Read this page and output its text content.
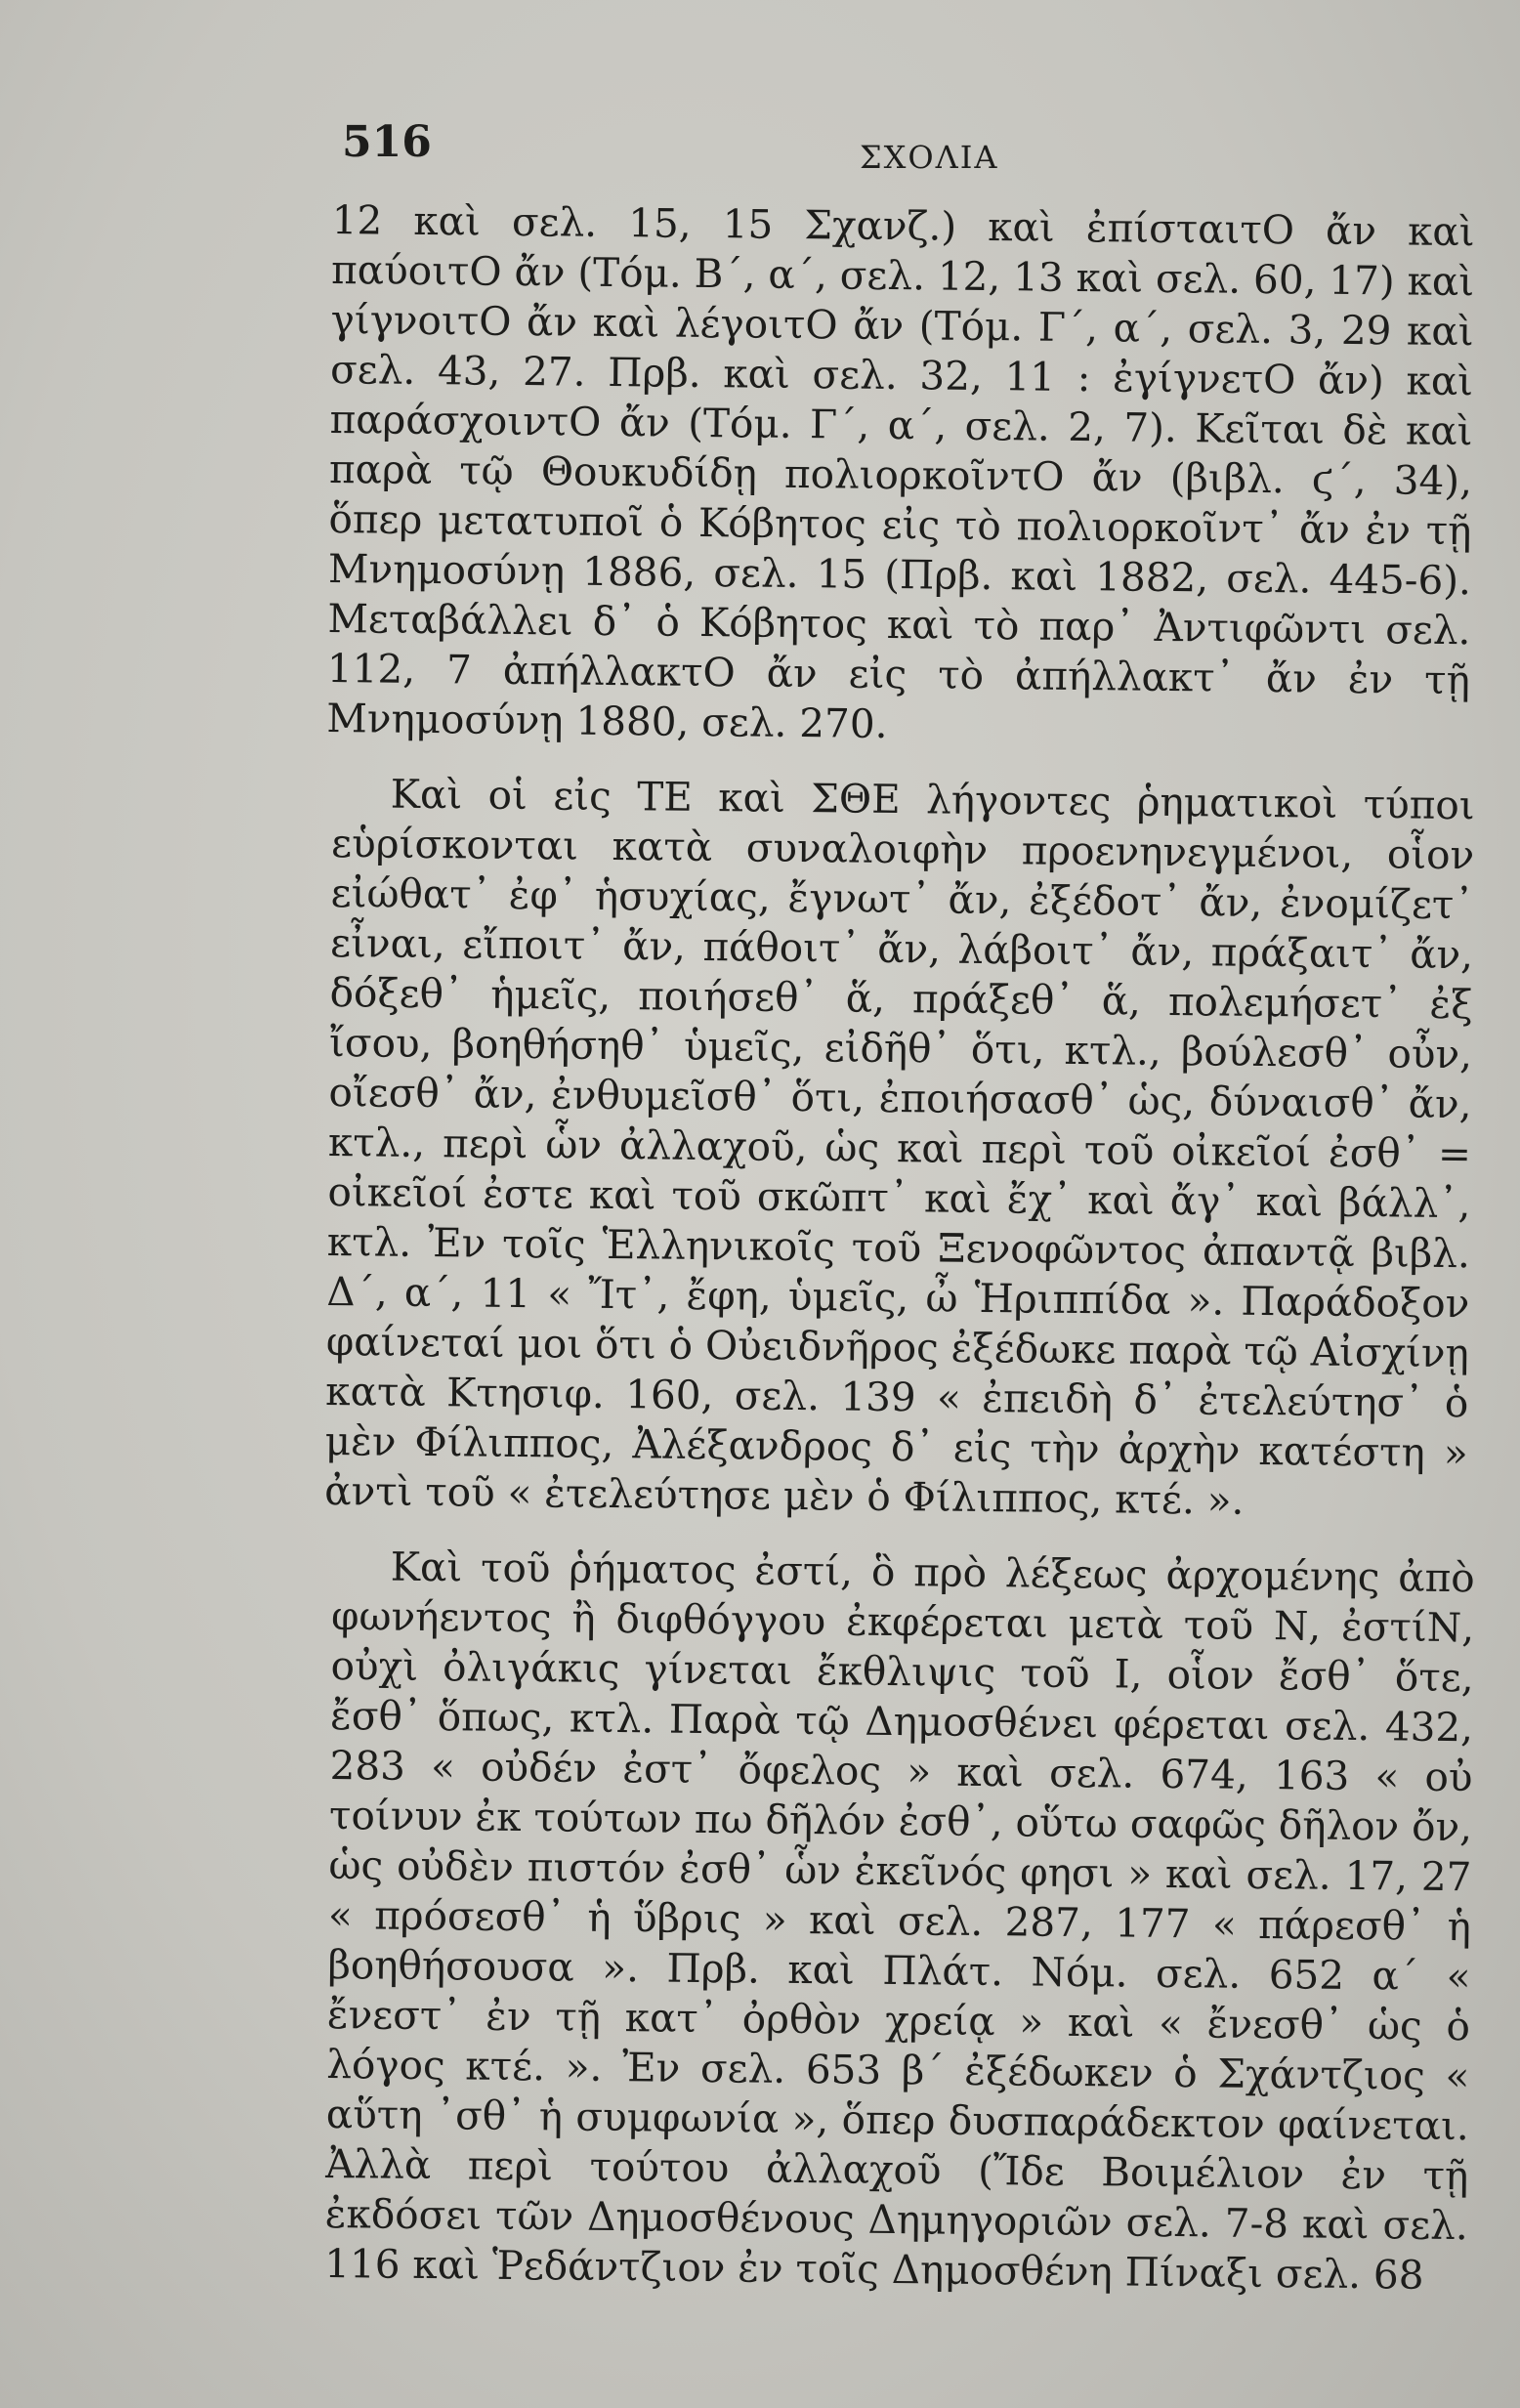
516	ΣΧΟΛΙΑ

12 καὶ σελ. 15, 15 Σχανζ.) καὶ ἐπίσταιτΟ ἄν καὶ παύοιτΟ ἄν (Τόμ. Β΄, α΄, σελ. 12, 13 καὶ σελ. 60, 17) καὶ γίγνοιτΟ ἄν καὶ λέγοιτΟ ἄν (Τόμ. Γ΄, α΄, σελ. 3, 29 καὶ σελ. 43, 27. Πρβ. καὶ σελ. 32, 11 : ἐγίγνετΟ ἄν) καὶ παράσχοιντΟ ἄν (Τόμ. Γ΄, α΄, σελ. 2, 7). Κεῖται δὲ καὶ παρὰ τῷ Θουκυδίδῃ πολιορκοῖντΟ ἄν (βιβλ. ϛ΄, 34), ὅπερ μετατυποῖ ὁ Κόβητος εἰς τὸ πολιορκοῖντ᾽ ἄν ἐν τῇ Μνημοσύνῃ 1886, σελ. 15 (Πρβ. καὶ 1882, σελ. 445-6). Μεταβάλλει δ᾽ ὁ Κόβητος καὶ τὸ παρ᾽ Ἀντιφῶντι σελ. 112, 7 ἀπήλλακτΟ ἄν εἰς τὸ ἀπήλλακτ᾽ ἄν ἐν τῇ Μνημοσύνῃ 1880, σελ. 270.

Καὶ οἱ εἰς ΤΕ καὶ ΣΘΕ λήγοντες ῥηματικοὶ τύποι εὑρίσκονται κατὰ συναλοιφὴν προενηνεγμένοι, οἷον εἰώθατ᾽ ἐφ᾽ ἡσυχίας, ἔγνωτ᾽ ἄν, ἐξέδοτ᾽ ἄν, ἐνομίζετ᾽ εἶναι, εἴποιτ᾽ ἄν, πάθοιτ᾽ ἄν, λάβοιτ᾽ ἄν, πράξαιτ᾽ ἄν, δόξεθ᾽ ἡμεῖς, ποιήσεθ᾽ ἅ, πράξεθ᾽ ἅ, πολεμήσετ᾽ ἐξ ἴσου, βοηθήσηθ᾽ ὑμεῖς, εἰδῆθ᾽ ὅτι, κτλ., βούλεσθ᾽ οὖν, οἴεσθ᾽ ἄν, ἐνθυμεῖσθ᾽ ὅτι, ἐποιήσασθ᾽ ὡς, δύναισθ᾽ ἄν, κτλ., περὶ ὧν ἀλλαχοῦ, ὡς καὶ περὶ τοῦ οἰκεῖοί ἐσθ᾽ = οἰκεῖοί ἐστε καὶ τοῦ σκῶπτ᾽ καὶ ἔχ᾽ καὶ ἄγ᾽ καὶ βάλλ᾽, κτλ. Ἐν τοῖς Ἑλληνικοῖς τοῦ Ξενοφῶντος ἀπαντᾷ βιβλ. Δ΄, α΄, 11 « Ἴτ᾽, ἔφη, ὑμεῖς, ὦ Ἡριππίδα ». Παράδοξον φαίνεταί μοι ὅτι ὁ Οὐειδνῆρος ἐξέδωκε παρὰ τῷ Αἰσχίνῃ κατὰ Κτησιφ. 160, σελ. 139 « ἐπειδὴ δ᾽ ἐτελεύτησ᾽ ὁ μὲν Φίλιππος, Ἀλέξανδρος δ᾽ εἰς τὴν ἀρχὴν κατέστη » ἀντὶ τοῦ « ἐτελεύτησε μὲν ὁ Φίλιππος, κτέ. ».

Καὶ τοῦ ῥήματος ἐστί, ὃ πρὸ λέξεως ἀρχομένης ἀπὸ φωνήεντος ἢ διφθόγγου ἐκφέρεται μετὰ τοῦ Ν, ἐστίΝ, οὐχὶ ὀλιγάκις γίνεται ἔκθλιψις τοῦ Ι, οἷον ἔσθ᾽ ὅτε, ἔσθ᾽ ὅπως, κτλ. Παρὰ τῷ Δημοσθένει φέρεται σελ. 432, 283 « οὐδέν ἐστ᾽ ὄφελος » καὶ σελ. 674, 163 « οὐ τοίνυν ἐκ τούτων πω δῆλόν ἐσθ᾽, οὕτω σαφῶς δῆλον ὄν, ὡς οὐδὲν πιστόν ἐσθ᾽ ὧν ἐκεῖνός φησι » καὶ σελ. 17, 27 « πρόσεσθ᾽ ἡ ὕβρις » καὶ σελ. 287, 177 « πάρεσθ᾽ ἡ βοηθήσουσα ». Πρβ. καὶ Πλάτ. Νόμ. σελ. 652 α΄ « ἔνεστ᾽ ἐν τῇ κατ᾽ ὀρθὸν χρείᾳ » καὶ « ἔνεσθ᾽ ὡς ὁ λόγος κτέ. ». Ἐν σελ. 653 β΄ ἐξέδωκεν ὁ Σχάντζιος « αὕτη ᾽σθ᾽ ἡ συμφωνία », ὅπερ δυσπαράδεκτον φαίνεται. Ἀλλὰ περὶ τούτου ἀλλαχοῦ (Ἴδε Βοιμέλιον ἐν τῇ ἐκδόσει τῶν Δημοσθένους Δημηγοριῶν σελ. 7-8 καὶ σελ. 116 καὶ Ῥεδάντζιον ἐν τοῖς Δημοσθένη Πίναξι σελ. 68
